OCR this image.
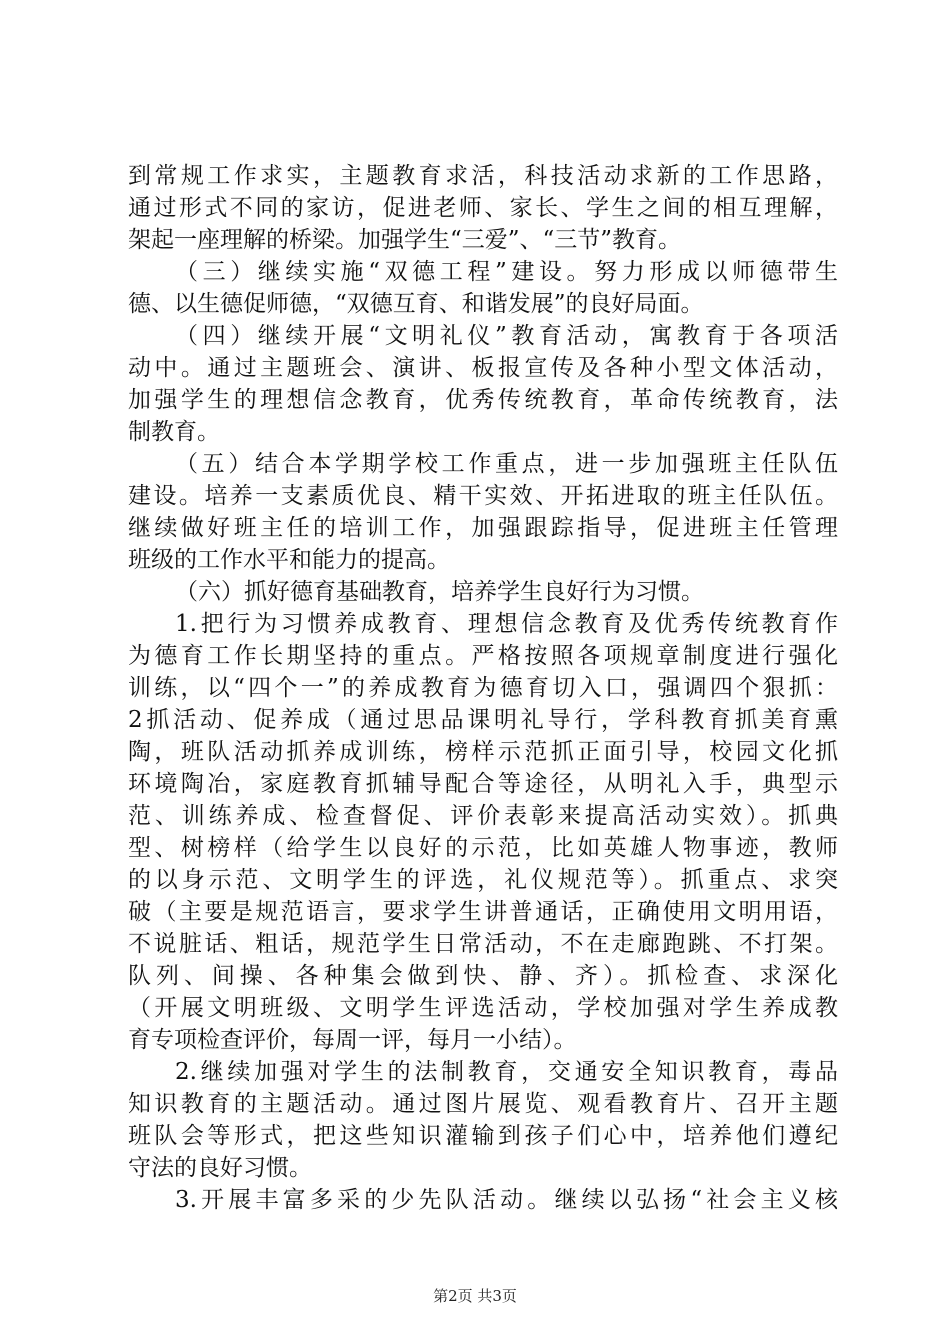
到常规工作求实，主题教育求活，科技活动求新的工作思路，
通过形式不同的家访，促进老师、家长、学生之间的相互理解，
架起一座理解的桥梁。加强学生“三爱”、“三节”教育。
（三）继续实施“双德工程”建设。努力形成以师德带生
德、以生德促师德，“双德互育、和谐发展”的良好局面。
（四）继续开展“文明礼仪”教育活动，寓教育于各项活
动中。通过主题班会、演讲、板报宣传及各种小型文体活动，
加强学生的理想信念教育，优秀传统教育，革命传统教育，法
制教育。
（五）结合本学期学校工作重点，进一步加强班主任队伍
建设。培养一支素质优良、精干实效、开拓进取的班主任队伍。
继续做好班主任的培训工作，加强跟踪指导，促进班主任管理
班级的工作水平和能力的提高。
（六）抓好德育基础教育，培养学生良好行为习惯。
1.把行为习惯养成教育、理想信念教育及优秀传统教育作
为德育工作长期坚持的重点。严格按照各项规章制度进行强化
训练，以“四个一”的养成教育为德育切入口，强调四个狠抓：
2抓活动、促养成（通过思品课明礼导行，学科教育抓美育熏
陶，班队活动抓养成训练，榜样示范抓正面引导，校园文化抓
环境陶冶，家庭教育抓辅导配合等途径，从明礼入手，典型示
范、训练养成、检查督促、评价表彰来提高活动实效）。抓典
型、树榜样（给学生以良好的示范，比如英雄人物事迹，教师
的以身示范、文明学生的评选，礼仪规范等）。抓重点、求突
破（主要是规范语言，要求学生讲普通话，正确使用文明用语，
不说脏话、粗话，规范学生日常活动，不在走廊跑跳、不打架。
队列、间操、各种集会做到快、静、齐）。抓检查、求深化
（开展文明班级、文明学生评选活动，学校加强对学生养成教
育专项检查评价，每周一评，每月一小结）。
2.继续加强对学生的法制教育，交通安全知识教育，毒品
知识教育的主题活动。通过图片展览、观看教育片、召开主题
班队会等形式，把这些知识灌输到孩子们心中，培养他们遵纪
守法的良好习惯。
3.开展丰富多采的少先队活动。继续以弘扬“社会主义核
第2页 共3页
